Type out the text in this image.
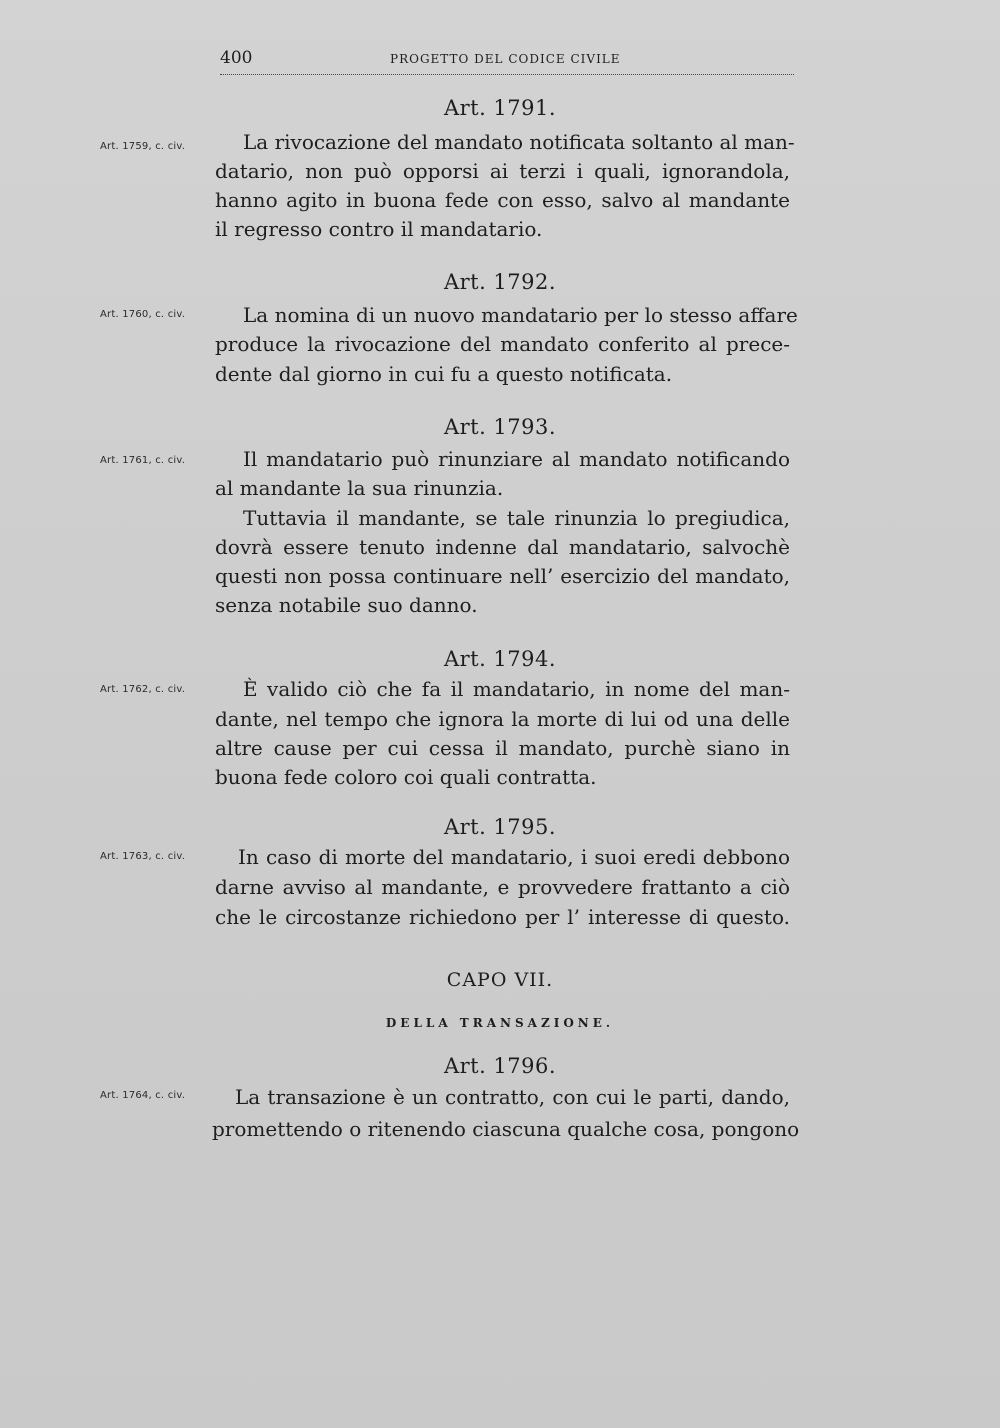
400	PROGETTO DEL CODICE CIVILE
Art. 1791.
Art. 1759, c. civ.	La rivocazione del mandato notificata soltanto al man-
datario, non può opporsi ai terzi i quali, ignorandola,
hanno agito in buona fede con esso, salvo al mandante
il regresso contro il mandatario.
Art. 1792.
Art. 1760, c. civ.	La nomina di un nuovo mandatario per lo stesso affare
produce la rivocazione del mandato conferito al prece-
dente dal giorno in cui fu a questo notificata.
Art. 1793.
Art. 1761, c. civ.	Il mandatario può rinunziare al mandato notificando
al mandante la sua rinunzia.
Tuttavia il mandante, se tale rinunzia lo pregiudica,
dovrà essere tenuto indenne dal mandatario, salvochè
questi non possa continuare nell’ esercizio del mandato,
senza notabile suo danno.
Art. 1794.
Art. 1762, c. civ.	È valido ciò che fa il mandatario, in nome del man-
dante, nel tempo che ignora la morte di lui od una delle
altre cause per cui cessa il mandato, purchè siano in
buona fede coloro coi quali contratta.
Art. 1795.
Art. 1763, c. civ.	In caso di morte del mandatario, i suoi eredi debbono
darne avviso al mandante, e provvedere frattanto a ciò
che le circostanze richiedono per l’ interesse di questo.
CAPO VII.
DELLA TRANSAZIONE.
Art. 1796.
Art. 1764, c. civ.	La transazione è un contratto, con cui le parti, dando,
promettendo o ritenendo ciascuna qualche cosa, pongono
